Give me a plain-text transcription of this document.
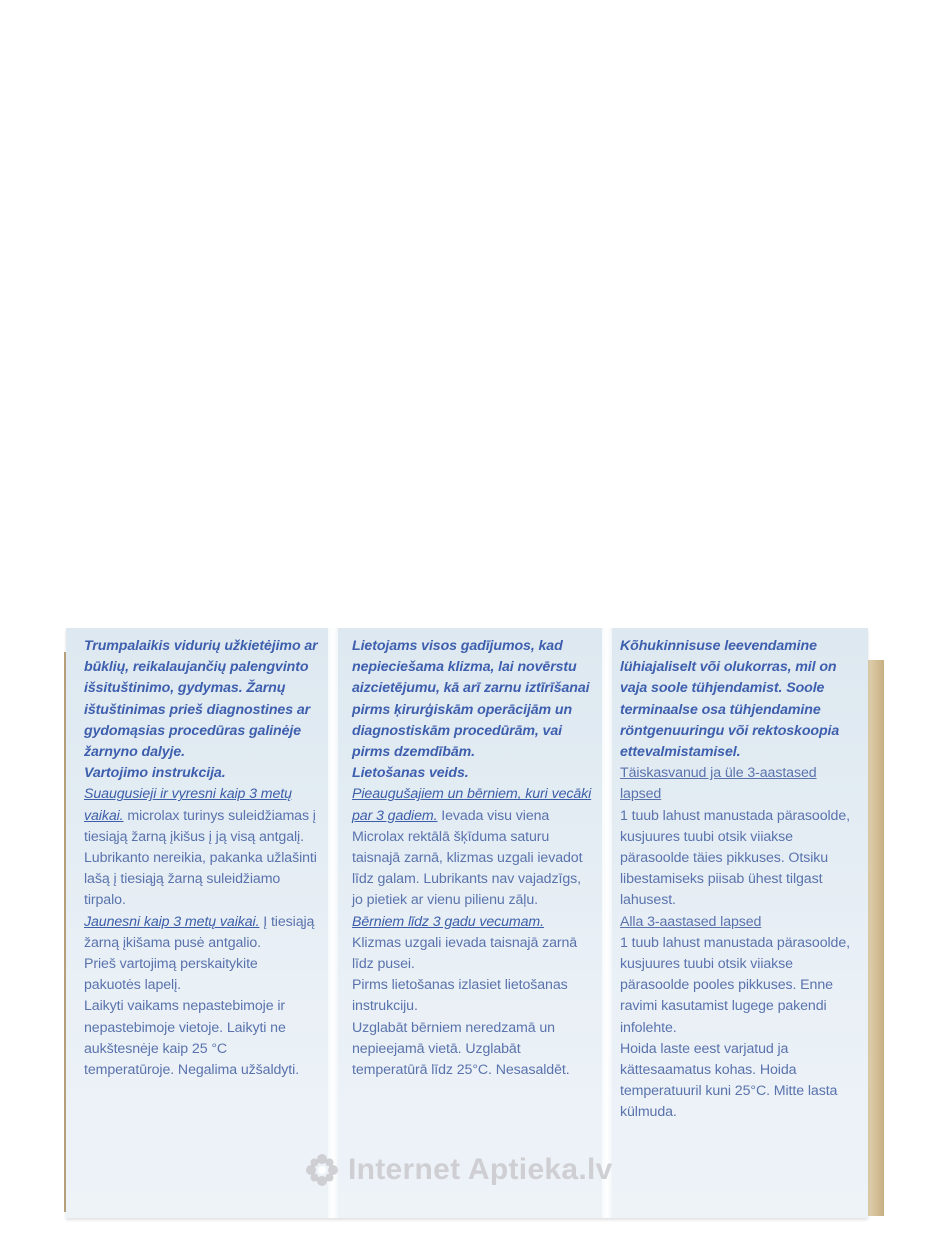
Trumpalaikis vidurių užkietėjimo ar būklių, reikalaujančių palengvinto išsituštinimo, gydymas. Žarnų ištuštinimas prieš diagnostines ar gydomąsias procedūras galinėje žarnyno dalyje.

Vartojimo instrukcija.

Suaugusieji ir vyresni kaip 3 metų vaikai. microlax turinys suleidžiamas į tiesiąją žarną įkišus į ją visą antgalį. Lubrikanto nereikia, pakanka užlašinti lašą į tiesiąją žarną suleidžiamo tirpalo.

Jaunesni kaip 3 metų vaikai. Į tiesiąją žarną įkišama pusė antgalio.

Prieš vartojimą perskaitykite pakuotės lapelį.

Laikyti vaikams nepastebimoje ir nepastebimoje vietoje. Laikyti ne aukštesnėje kaip 25 °C temperatūroje. Negalima užšaldyti.

Lietojams visos gadījumos, kad nepieciešama klizma, lai novērstu aizcietējumu, kā arī zarnu iztīrīšanai pirms ķirurģiskām operācijām un diagnostiskām procedūrām, vai pirms dzemdībām.

Lietošanas veids.

Pieaugušajiem un bērniem, kuri vecāki par 3 gadiem. Ievada visu viena Microlax rektālā šķīduma saturu taisnajā zarnā, klizmas uzgali ievadot līdz galam. Lubrikants nav vajadzīgs, jo pietiek ar vienu pilienu zāļu.

Bērniem līdz 3 gadu vecumam. Klizmas uzgali ievada taisnajā zarnā līdz pusei.

Pirms lietošanas izlasiet lietošanas instrukciju.

Uzglabāt bērniem neredzamā un nepieejamā vietā. Uzglabāt temperatūrā līdz 25°C. Nesasaldēt.

Kõhukinnisuse leevendamine lühiajaliselt või olukorras, mil on vaja soole tühjendamist. Soole terminaalse osa tühjendamine röntgenuuringu või rektoskoopia ettevalmistamisel.

Täiskasvanud ja üle 3-aastased lapsed

1 tuub lahust manustada pärasoolde, kusjuures tuubi otsik viiakse pärasoolde täies pikkuses. Otsiku libestamiseks piisab ühest tilgast lahusest.

Alla 3-aastased lapsed

1 tuub lahust manustada pärasoolde, kusjuures tuubi otsik viiakse pärasoolde pooles pikkuses. Enne ravimi kasutamist lugege pakendi infolehte.

Hoida laste eest varjatud ja kättesaamatus kohas. Hoida temperatuuril kuni 25°C. Mitte lasta külmuda.

Internet Aptieka.lv
